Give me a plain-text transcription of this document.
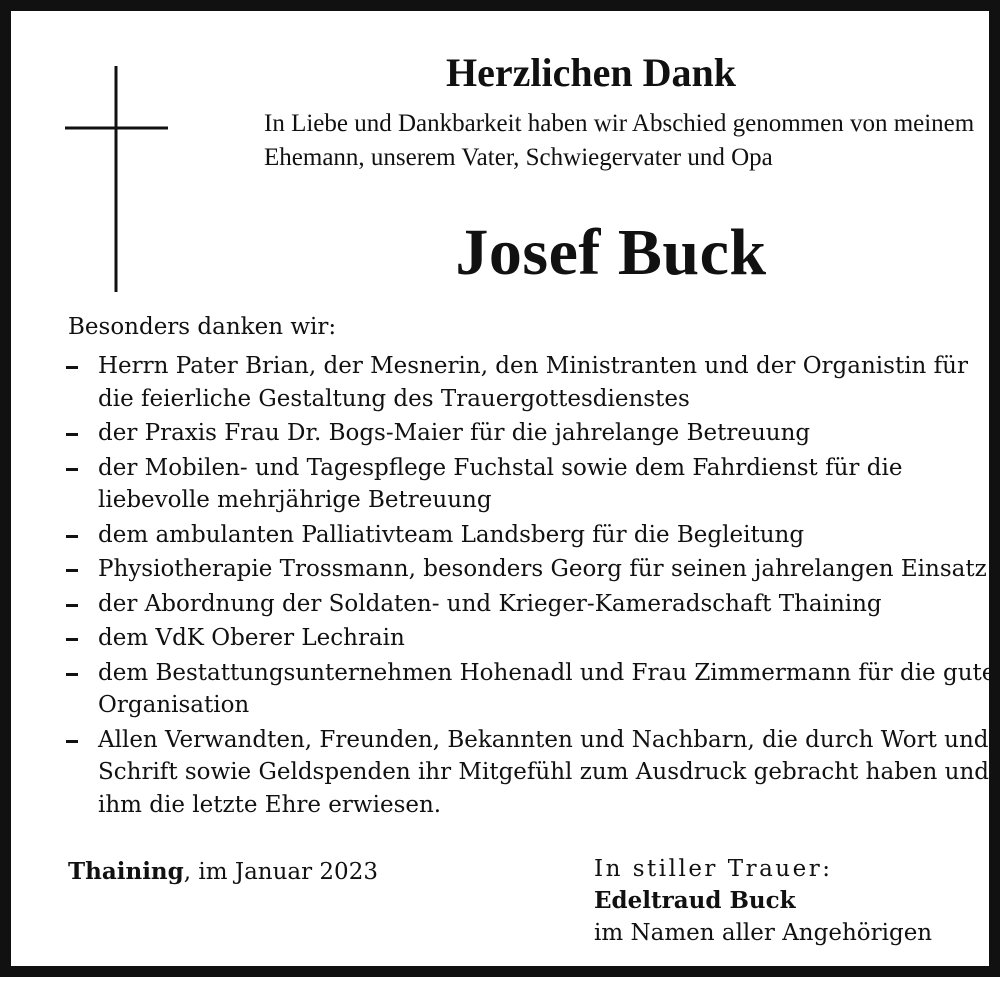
Herzlichen Dank
In Liebe und Dankbarkeit haben wir Abschied genommen von meinem Ehemann, unserem Vater, Schwiegervater und Opa
Josef Buck
Besonders danken wir:
Herrn Pater Brian, der Mesnerin, den Ministranten und der Organistin für die feierliche Gestaltung des Trauergottesdienstes
der Praxis Frau Dr. Bogs-Maier für die jahrelange Betreuung
der Mobilen- und Tagespflege Fuchstal sowie dem Fahrdienst für die liebevolle mehrjährige Betreuung
dem ambulanten Palliativteam Landsberg für die Begleitung
Physiotherapie Trossmann, besonders Georg für seinen jahrelangen Einsatz
der Abordnung der Soldaten- und Krieger-Kameradschaft Thaining
dem VdK Oberer Lechrain
dem Bestattungsunternehmen Hohenadl und Frau Zimmermann für die gute Organisation
Allen Verwandten, Freunden, Bekannten und Nachbarn, die durch Wort und Schrift sowie Geldspenden ihr Mitgefühl zum Ausdruck gebracht haben und ihm die letzte Ehre erwiesen.
Thaining, im Januar 2023	In stiller Trauer:
Edeltraud Buck
im Namen aller Angehörigen
